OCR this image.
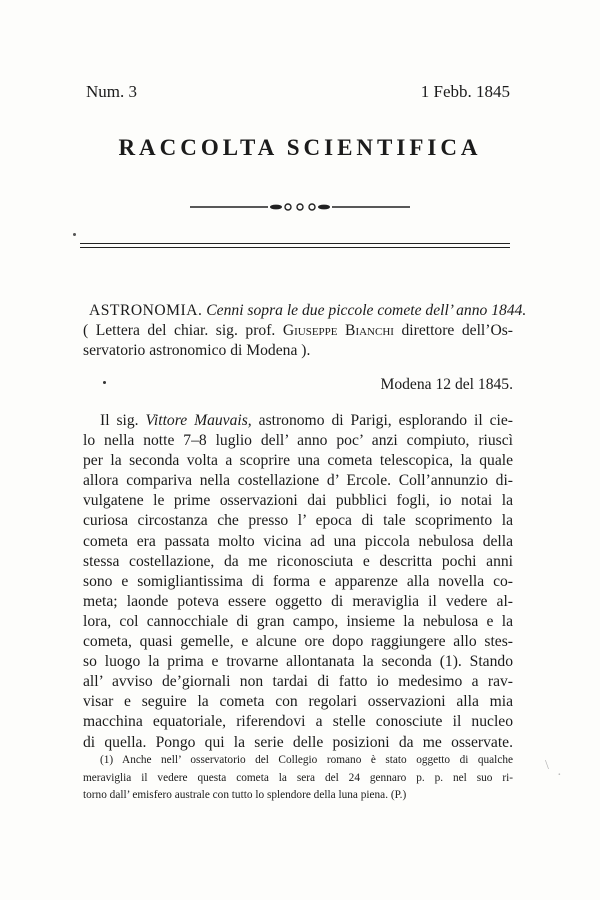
Num. 3	1 Febb. 1845
RACCOLTA SCIENTIFICA
ASTRONOMIA. Cenni sopra le due piccole comete dell’ anno 1844.
( Lettera del chiar. sig. prof. Giuseppe Bianchi direttore dell’Os-
servatorio astronomico di Modena ).
Modena 12 del 1845.
Il sig. Vittore Mauvais, astronomo di Parigi, esplorando il cie-
lo nella notte 7–8 luglio dell’ anno poc’ anzi compiuto, riuscì
per la seconda volta a scoprire una cometa telescopica, la quale
allora compariva nella costellazione d’ Ercole. Coll’annunzio di-
vulgatene le prime osservazioni dai pubblici fogli, io notai la
curiosa circostanza che presso l’ epoca di tale scoprimento la
cometa era passata molto vicina ad una piccola nebulosa della
stessa costellazione, da me riconosciuta e descritta pochi anni
sono e somigliantissima di forma e apparenze alla novella co-
meta; laonde poteva essere oggetto di meraviglia il vedere al-
lora, col cannocchiale di gran campo, insieme la nebulosa e la
cometa, quasi gemelle, e alcune ore dopo raggiungere allo stes-
so luogo la prima e trovarne allontanata la seconda (1). Stando
all’ avviso de’giornali non tardai di fatto io medesimo a rav-
visar e seguire la cometa con regolari osservazioni alla mia
macchina equatoriale, riferendovi a stelle conosciute il nucleo
di quella. Pongo qui la serie delle posizioni da me osservate.
(1) Anche nell’ osservatorio del Collegio romano è stato oggetto di qualche
meraviglia il vedere questa cometa la sera del 24 gennaro p. p. nel suo ri-
torno dall’ emisfero australe con tutto lo splendore della luna piena. (P.)
\
·
